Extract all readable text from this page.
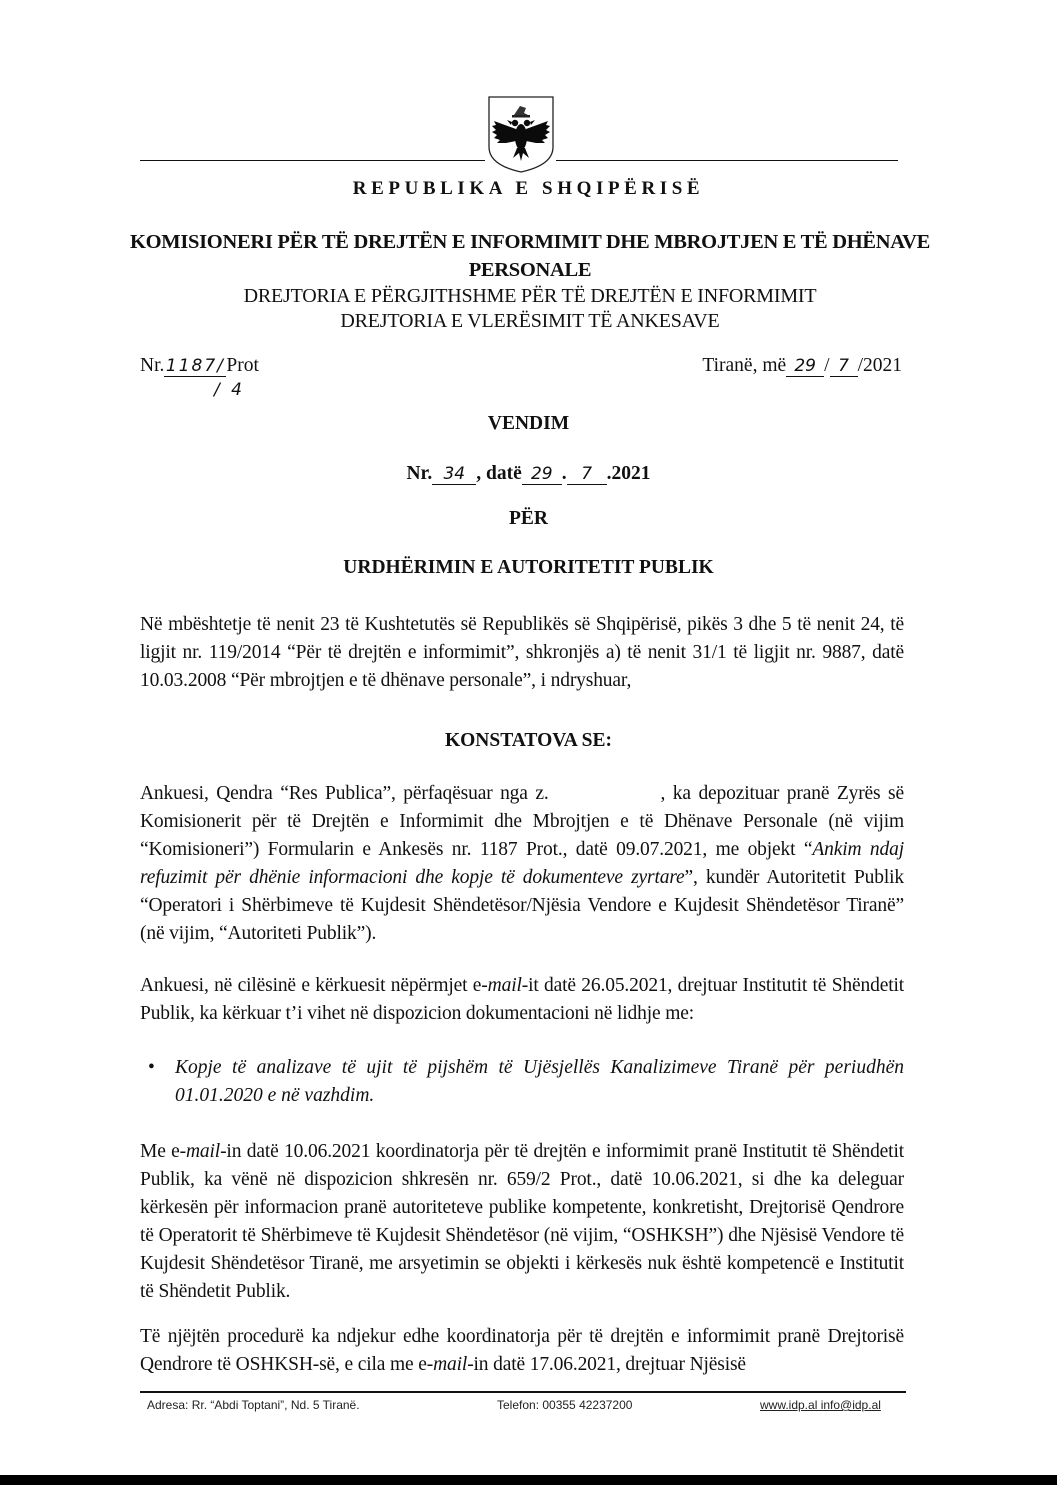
REPUBLIKA E SHQIPËRISË
KOMISIONERI PËR TË DREJTËN E INFORMIMIT DHE MBROJTJEN E TË DHËNAVE PERSONALE
DREJTORIA E PËRGJITHSHME PËR TË DREJTËN E INFORMIMIT
DREJTORIA E VLERËSIMIT TË ANKESAVE
Nr.1187/Prot
/ 4
Tiranë, më 29 / 7 /2021
VENDIM
Nr. 34 , datë 29 . 7 .2021
PËR
URDHËRIMIN E AUTORITETIT PUBLIK
Në mbështetje të nenit 23 të Kushtetutës së Republikës së Shqipërisë, pikës 3 dhe 5 të nenit 24, të ligjit nr. 119/2014 “Për të drejtën e informimit”, shkronjës a) të nenit 31/1 të ligjit nr. 9887, datë 10.03.2008 “Për mbrojtjen e të dhënave personale”, i ndryshuar,
KONSTATOVA SE:
Ankuesi, Qendra “Res Publica”, përfaqësuar nga z.	, ka depozituar pranë Zyrës së Komisionerit për të Drejtën e Informimit dhe Mbrojtjen e të Dhënave Personale (në vijim “Komisioneri”) Formularin e Ankesës nr. 1187 Prot., datë 09.07.2021, me objekt “Ankim ndaj refuzimit për dhënie informacioni dhe kopje të dokumenteve zyrtare”, kundër Autoritetit Publik “Operatori i Shërbimeve të Kujdesit Shëndetësor/Njësia Vendore e Kujdesit Shëndetësor Tiranë” (në vijim, “Autoriteti Publik”).
Ankuesi, në cilësinë e kërkuesit nëpërmjet e-mail-it datë 26.05.2021, drejtuar Institutit të Shëndetit Publik, ka kërkuar t’i vihet në dispozicion dokumentacioni në lidhje me:
•	Kopje të analizave të ujit të pijshëm të Ujësjellës Kanalizimeve Tiranë për periudhën 01.01.2020 e në vazhdim.
Me e-mail-in datë 10.06.2021 koordinatorja për të drejtën e informimit pranë Institutit të Shëndetit Publik, ka vënë në dispozicion shkresën nr. 659/2 Prot., datë 10.06.2021, si dhe ka deleguar kërkesën për informacion pranë autoriteteve publike kompetente, konkretisht, Drejtorisë Qendrore të Operatorit të Shërbimeve të Kujdesit Shëndetësor (në vijim, “OSHKSH”) dhe Njësisë Vendore të Kujdesit Shëndetësor Tiranë, me arsyetimin se objekti i kërkesës nuk është kompetencë e Institutit të Shëndetit Publik.
Të njëjtën procedurë ka ndjekur edhe koordinatorja për të drejtën e informimit pranë Drejtorisë Qendrore të OSHKSH-së, e cila me e-mail-in datë 17.06.2021, drejtuar Njësisë
Adresa: Rr. “Abdi Toptani”, Nd. 5 Tiranë.	Telefon: 00355 42237200	www.idp.al info@idp.al
